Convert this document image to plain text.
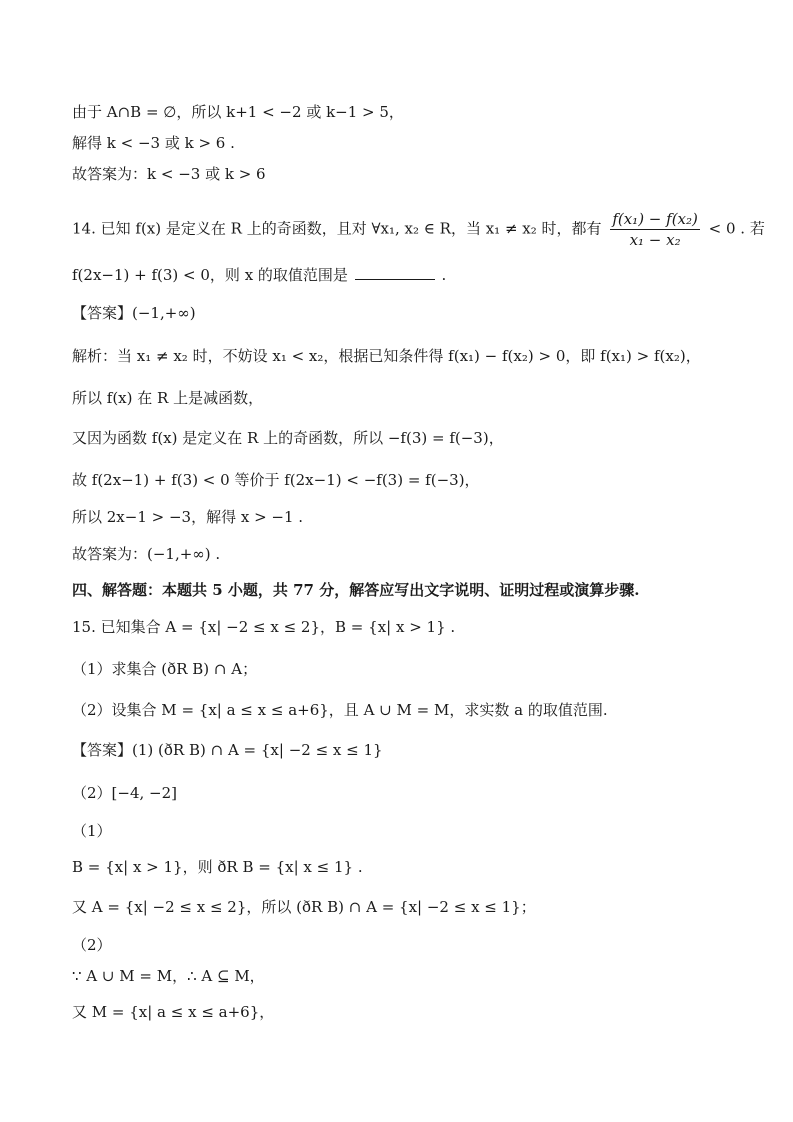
由于 A∩B = ∅，所以 k+1 < −2 或 k−1 > 5，
解得 k < −3 或 k > 6 .
故答案为：k < −3 或 k > 6
14. 已知 f(x) 是定义在 R 上的奇函数，且对 ∀x₁, x₂ ∈ R，当 x₁ ≠ x₂ 时，都有 $\frac{\text{f(x₁) − f(x₂)}}{\text{x₁ − x₂}} < 0$ . 若
f(2x−1) + f(3) < 0，则 x 的取值范围是	.
【答案】(−1,+∞)
解析：当 x₁ ≠ x₂ 时，不妨设 x₁ < x₂，根据已知条件得 f(x₁) − f(x₂) > 0，即 f(x₁) > f(x₂)，
所以 f(x) 在 R 上是减函数，
又因为函数 f(x) 是定义在 R 上的奇函数，所以 −f(3) = f(−3)，
故 f(2x−1) + f(3) < 0 等价于 f(2x−1) < −f(3) = f(−3)，
所以 2x−1 > −3，解得 x > −1 .
故答案为：(−1,+∞) .
四、解答题：本题共 5 小题，共 77 分，解答应写出文字说明、证明过程或演算步骤.
15. 已知集合 A = {x| −2 ≤ x ≤ 2}，B = {x| x > 1} .
（1）求集合 (ðR B) ∩ A；
（2）设集合 M = {x| a ≤ x ≤ a+6}，且 A ∪ M = M，求实数 a 的取值范围.
【答案】(1) (ðR B) ∩ A = {x| −2 ≤ x ≤ 1}
（2）[−4, −2]
（1）
B = {x| x > 1}，则 ðR B = {x| x ≤ 1} .
又 A = {x| −2 ≤ x ≤ 2}，所以 (ðR B) ∩ A = {x| −2 ≤ x ≤ 1}；
（2）
∵ A ∪ M = M，∴ A ⊆ M，
又 M = {x| a ≤ x ≤ a+6}，
